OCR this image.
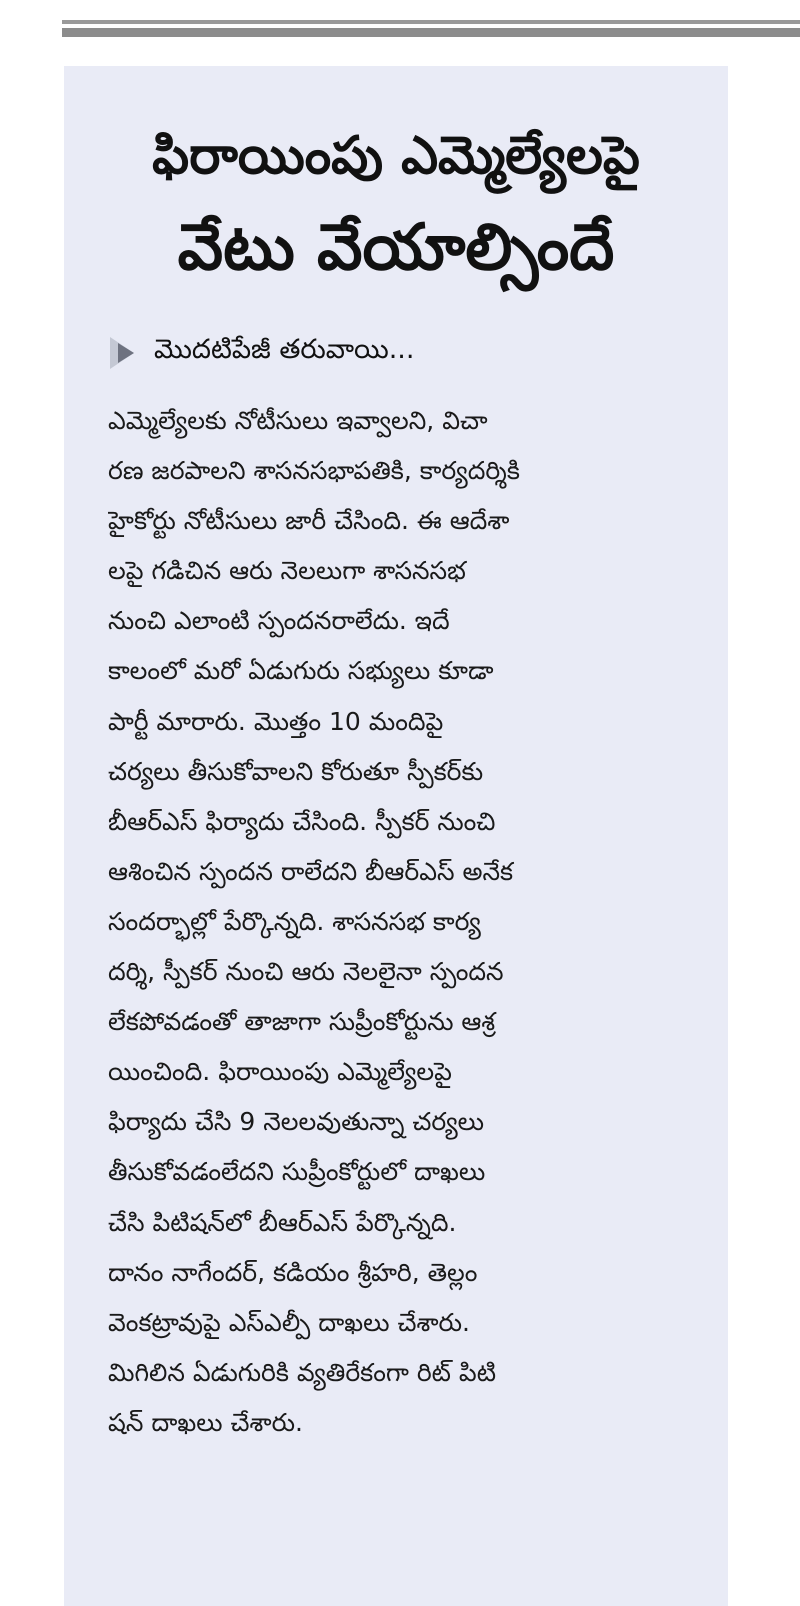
ఫిరాయింపు ఎమ్మెల్యేలపై
వేటు వేయాల్సిందే
మొదటిపేజీ తరువాయి...
ఎమ్మెల్యేలకు నోటీసులు ఇవ్వాలని, విచా
రణ జరపాలని శాసనసభాపతికి, కార్యదర్శికి
హైకోర్టు నోటీసులు జారీ చేసింది. ఈ ఆదేశా
లపై గడిచిన ఆరు నెలలుగా శాసనసభ
నుంచి ఎలాంటి స్పందనరాలేదు. ఇదే
కాలంలో మరో ఏడుగురు సభ్యులు కూడా
పార్టీ మారారు. మొత్తం 10 మందిపై
చర్యలు తీసుకోవాలని కోరుతూ స్పీకర్‌కు
బీఆర్ఎస్ ఫిర్యాదు చేసింది. స్పీకర్ నుంచి
ఆశించిన స్పందన రాలేదని బీఆర్ఎస్ అనేక
సందర్భాల్లో పేర్కొన్నది. శాసనసభ కార్య
దర్శి, స్పీకర్ నుంచి ఆరు నెలలైనా స్పందన
లేకపోవడంతో తాజాగా సుప్రీంకోర్టును ఆశ్ర
యించింది. ఫిరాయింపు ఎమ్మెల్యేలపై
ఫిర్యాదు చేసి 9 నెలలవుతున్నా చర్యలు
తీసుకోవడంలేదని సుప్రీంకోర్టులో దాఖలు
చేసి పిటిషన్‌లో బీఆర్ఎస్ పేర్కొన్నది.
దానం నాగేందర్, కడియం శ్రీహరి, తెల్లం
వెంకట్రావుపై ఎస్ఎల్పీ దాఖలు చేశారు.
మిగిలిన ఏడుగురికి వ్యతిరేకంగా రిట్ పిటి
షన్ దాఖలు చేశారు.
